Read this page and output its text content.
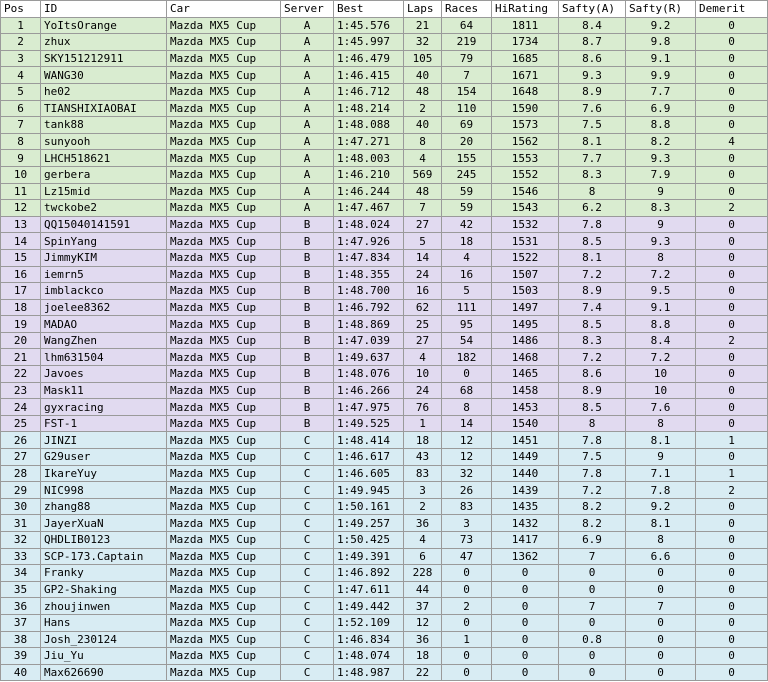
Pos	ID	Car	Server	Best	Laps	Races	HiRating	Safty(A)	Safty(R)	Demerit
1	YoItsOrange	Mazda MX5 Cup	A	1:45.576	21	64	1811	8.4	9.2	0
2	zhux	Mazda MX5 Cup	A	1:45.997	32	219	1734	8.7	9.8	0
3	SKY151212911	Mazda MX5 Cup	A	1:46.479	105	79	1685	8.6	9.1	0
4	WANG30	Mazda MX5 Cup	A	1:46.415	40	7	1671	9.3	9.9	0
5	he02	Mazda MX5 Cup	A	1:46.712	48	154	1648	8.9	7.7	0
6	TIANSHIXIAOBAI	Mazda MX5 Cup	A	1:48.214	2	110	1590	7.6	6.9	0
7	tank88	Mazda MX5 Cup	A	1:48.088	40	69	1573	7.5	8.8	0
8	sunyooh	Mazda MX5 Cup	A	1:47.271	8	20	1562	8.1	8.2	4
9	LHCH518621	Mazda MX5 Cup	A	1:48.003	4	155	1553	7.7	9.3	0
10	gerbera	Mazda MX5 Cup	A	1:46.210	569	245	1552	8.3	7.9	0
11	Lz15mid	Mazda MX5 Cup	A	1:46.244	48	59	1546	8	9	0
12	twckobe2	Mazda MX5 Cup	A	1:47.467	7	59	1543	6.2	8.3	2
13	QQ15040141591	Mazda MX5 Cup	B	1:48.024	27	42	1532	7.8	9	0
14	SpinYang	Mazda MX5 Cup	B	1:47.926	5	18	1531	8.5	9.3	0
15	JimmyKIM	Mazda MX5 Cup	B	1:47.834	14	4	1522	8.1	8	0
16	iemrn5	Mazda MX5 Cup	B	1:48.355	24	16	1507	7.2	7.2	0
17	imblackco	Mazda MX5 Cup	B	1:48.700	16	5	1503	8.9	9.5	0
18	joelee8362	Mazda MX5 Cup	B	1:46.792	62	111	1497	7.4	9.1	0
19	MADAO	Mazda MX5 Cup	B	1:48.869	25	95	1495	8.5	8.8	0
20	WangZhen	Mazda MX5 Cup	B	1:47.039	27	54	1486	8.3	8.4	2
21	lhm631504	Mazda MX5 Cup	B	1:49.637	4	182	1468	7.2	7.2	0
22	Javoes	Mazda MX5 Cup	B	1:48.076	10	0	1465	8.6	10	0
23	Mask11	Mazda MX5 Cup	B	1:46.266	24	68	1458	8.9	10	0
24	gyxracing	Mazda MX5 Cup	B	1:47.975	76	8	1453	8.5	7.6	0
25	FST-1	Mazda MX5 Cup	B	1:49.525	1	14	1540	8	8	0
26	JINZI	Mazda MX5 Cup	C	1:48.414	18	12	1451	7.8	8.1	1
27	G29user	Mazda MX5 Cup	C	1:46.617	43	12	1449	7.5	9	0
28	IkareYuy	Mazda MX5 Cup	C	1:46.605	83	32	1440	7.8	7.1	1
29	NIC998	Mazda MX5 Cup	C	1:49.945	3	26	1439	7.2	7.8	2
30	zhang88	Mazda MX5 Cup	C	1:50.161	2	83	1435	8.2	9.2	0
31	JayerXuaN	Mazda MX5 Cup	C	1:49.257	36	3	1432	8.2	8.1	0
32	QHDLIB0123	Mazda MX5 Cup	C	1:50.425	4	73	1417	6.9	8	0
33	SCP-173.Captain	Mazda MX5 Cup	C	1:49.391	6	47	1362	7	6.6	0
34	Franky	Mazda MX5 Cup	C	1:46.892	228	0	0	0	0	0
35	GP2-Shaking	Mazda MX5 Cup	C	1:47.611	44	0	0	0	0	0
36	zhoujinwen	Mazda MX5 Cup	C	1:49.442	37	2	0	7	7	0
37	Hans	Mazda MX5 Cup	C	1:52.109	12	0	0	0	0	0
38	Josh_230124	Mazda MX5 Cup	C	1:46.834	36	1	0	0.8	0	0
39	Jiu_Yu	Mazda MX5 Cup	C	1:48.074	18	0	0	0	0	0
40	Max626690	Mazda MX5 Cup	C	1:48.987	22	0	0	0	0	0
